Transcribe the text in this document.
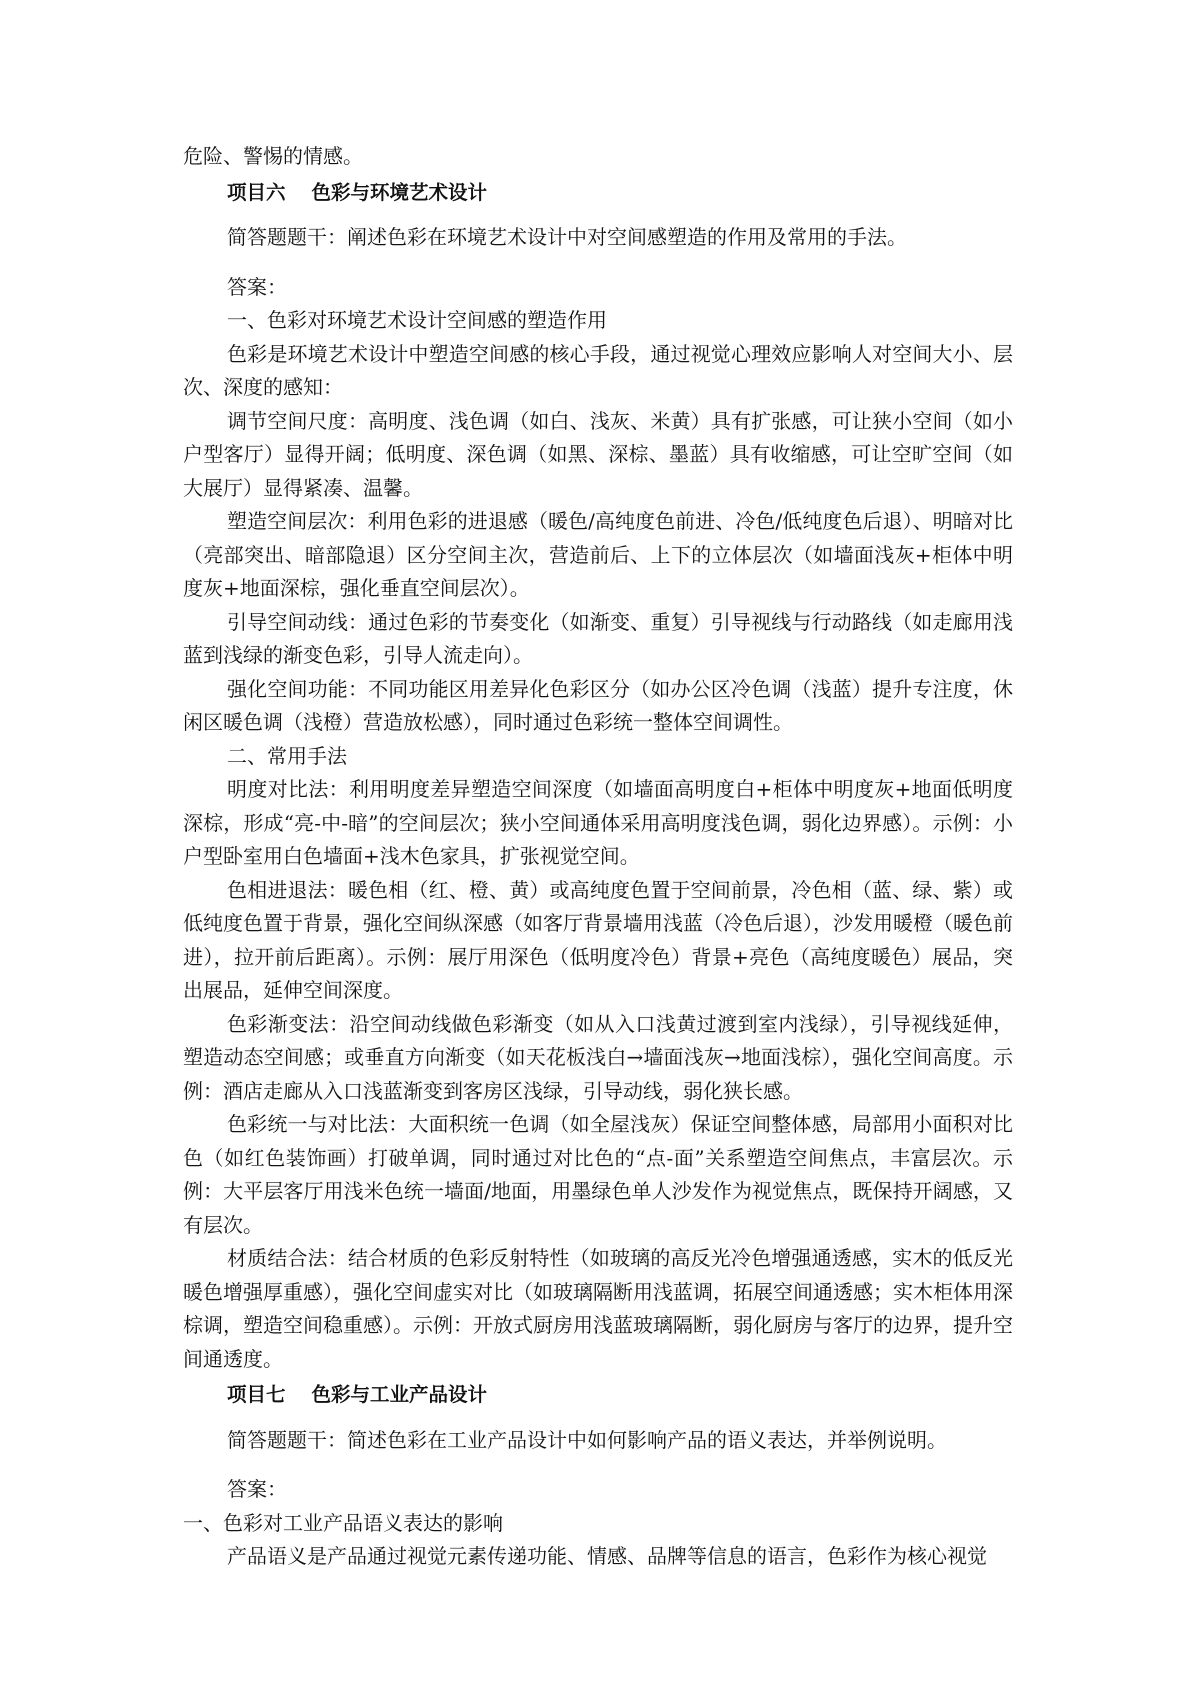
危险、警惕的情感。

项目六 色彩与环境艺术设计

简答题题干：阐述色彩在环境艺术设计中对空间感塑造的作用及常用的手法。

答案：

一、色彩对环境艺术设计空间感的塑造作用

色彩是环境艺术设计中塑造空间感的核心手段，通过视觉心理效应影响人对空间大小、层次、深度的感知：

调节空间尺度：高明度、浅色调（如白、浅灰、米黄）具有扩张感，可让狭小空间（如小户型客厅）显得开阔；低明度、深色调（如黑、深棕、墨蓝）具有收缩感，可让空旷空间（如大展厅）显得紧凑、温馨。

塑造空间层次：利用色彩的进退感（暖色/高纯度色前进、冷色/低纯度色后退）、明暗对比（亮部突出、暗部隐退）区分空间主次，营造前后、上下的立体层次（如墙面浅灰+柜体中明度灰+地面深棕，强化垂直空间层次）。

引导空间动线：通过色彩的节奏变化（如渐变、重复）引导视线与行动路线（如走廊用浅蓝到浅绿的渐变色彩，引导人流走向）。

强化空间功能：不同功能区用差异化色彩区分（如办公区冷色调（浅蓝）提升专注度，休闲区暖色调（浅橙）营造放松感），同时通过色彩统一整体空间调性。

二、常用手法

明度对比法：利用明度差异塑造空间深度（如墙面高明度白+柜体中明度灰+地面低明度深棕，形成“亮-中-暗”的空间层次；狭小空间通体采用高明度浅色调，弱化边界感）。示例：小户型卧室用白色墙面+浅木色家具，扩张视觉空间。

色相进退法：暖色相（红、橙、黄）或高纯度色置于空间前景，冷色相（蓝、绿、紫）或低纯度色置于背景，强化空间纵深感（如客厅背景墙用浅蓝（冷色后退），沙发用暖橙（暖色前进），拉开前后距离）。示例：展厅用深色（低明度冷色）背景+亮色（高纯度暖色）展品，突出展品，延伸空间深度。

色彩渐变法：沿空间动线做色彩渐变（如从入口浅黄过渡到室内浅绿），引导视线延伸，塑造动态空间感；或垂直方向渐变（如天花板浅白→墙面浅灰→地面浅棕），强化空间高度。示例：酒店走廊从入口浅蓝渐变到客房区浅绿，引导动线，弱化狭长感。

色彩统一与对比法：大面积统一色调（如全屋浅灰）保证空间整体感，局部用小面积对比色（如红色装饰画）打破单调，同时通过对比色的“点-面”关系塑造空间焦点，丰富层次。示例：大平层客厅用浅米色统一墙面/地面，用墨绿色单人沙发作为视觉焦点，既保持开阔感，又有层次。

材质结合法：结合材质的色彩反射特性（如玻璃的高反光冷色增强通透感，实木的低反光暖色增强厚重感），强化空间虚实对比（如玻璃隔断用浅蓝调，拓展空间通透感；实木柜体用深棕调，塑造空间稳重感）。示例：开放式厨房用浅蓝玻璃隔断，弱化厨房与客厅的边界，提升空间通透度。

项目七 色彩与工业产品设计

简答题题干：简述色彩在工业产品设计中如何影响产品的语义表达，并举例说明。

答案：

一、色彩对工业产品语义表达的影响

产品语义是产品通过视觉元素传递功能、情感、品牌等信息的语言，色彩作为核心视觉
